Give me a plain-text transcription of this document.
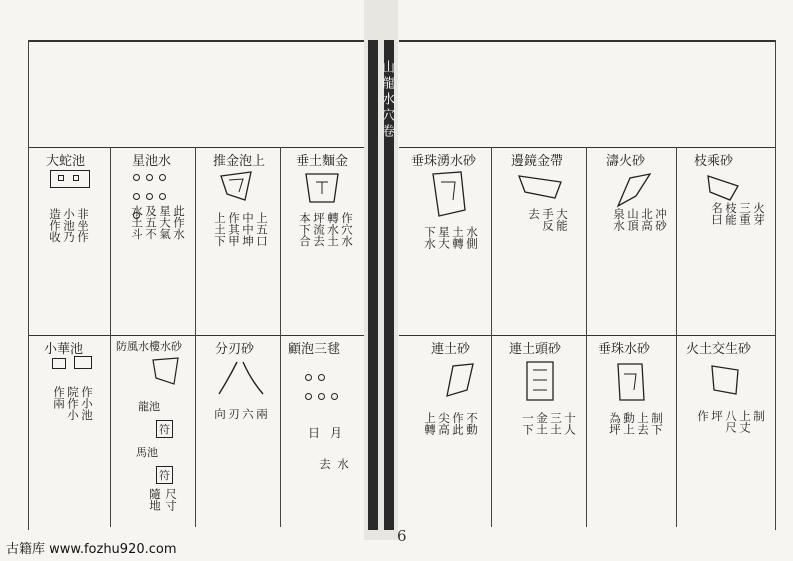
大蛇池
非坐作
小池乃
造作收
星池水

此作水
星大氣
及五不
水土斗
推金泡上
上五口
中中坤
作其甲
上土下
垂土麵金
作穴水
轉水土
坪流去
本下合
小華池
作小池
院作小
作兩
防風水樓水砂
龍池
符
馬池
符
尺寸
隨地
分刃砂
兩
六
刃
向
顧泡三毬

日 月
水
去
垂珠湧水砂
水側
土轉
星大
下水
邊鏡金帶
大能
手反
去
濤火砂
冲砂
北高
山頂
泉水
枝乘砂
火芽
三重
枝能
名曰
連土砂
不動
作此
尖高
上轉
連土頭砂
十人
三土
金土
一下
垂珠水砂
制下
上去
動上
為坪
火土交生砂
制
上丈
八尺
坪
作
山龍水穴卷
6
古籍库 www.fozhu920.com
